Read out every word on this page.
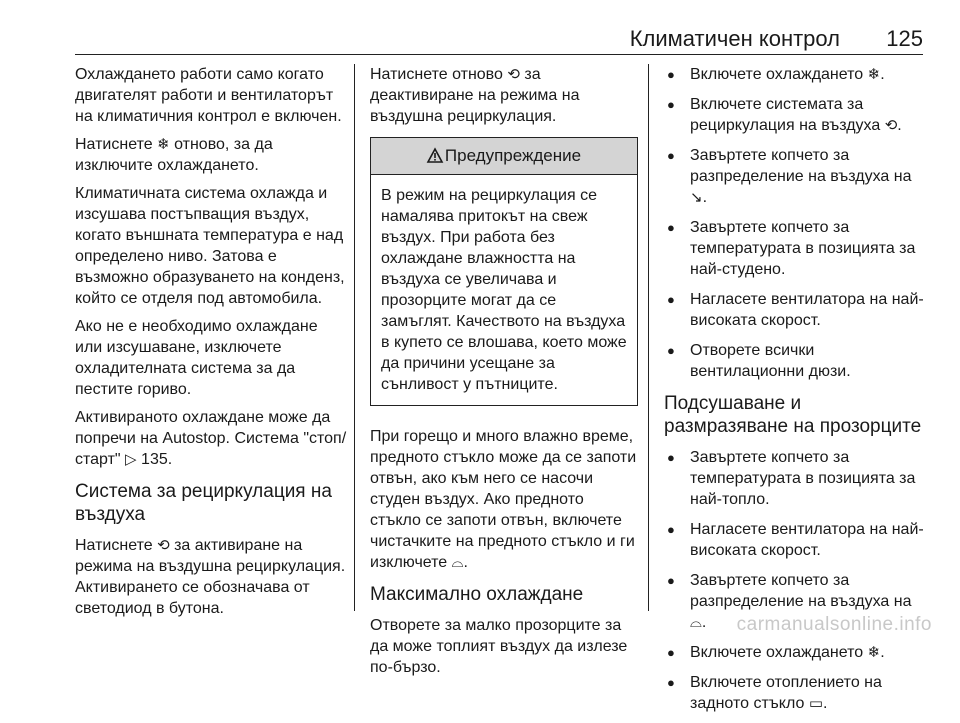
Климатичен контрол 125

Охлаждането работи само когато двигателят работи и вентилаторът на климатичния контрол е включен.

Натиснете ❄ отново, за да изключите охлаждането.

Климатичната система охлажда и изсушава постъпващия въздух, когато външната температура е над определено ниво. Затова е възможно образуването на конденз, който се отделя под автомобила.

Ако не е необходимо охлаждане или изсушаване, изключете охладителната система за да пестите гориво.

Активираното охлаждане може да попречи на Autostop. Система "стоп/старт" ▷ 135.

Система за рециркулация на въздуха

Натиснете ⟲ за активиране на режима на въздушна рециркулация. Активирането се обозначава от светодиод в бутона.

Натиснете отново ⟲ за деактивиране на режима на въздушна рециркулация.

Предупреждение
В режим на рециркулация се намалява притокът на свеж въздух. При работа без охлаждане влажността на въздуха се увеличава и прозорците могат да се замъглят. Качеството на въздуха в купето се влошава, което може да причини усещане за сънливост у пътниците.

При горещо и много влажно време, предното стъкло може да се запоти отвън, ако към него се насочи студен въздух. Ако предното стъкло се запоти отвън, включете чистачките на предното стъкло и ги изключете ⌓.

Максимално охлаждане

Отворете за малко прозорците за да може топлият въздух да излезе по-бързо.

● Включете охлаждането ❄.
● Включете системата за рециркулация на въздуха ⟲.
● Завъртете копчето за разпределение на въздуха на ↘.
● Завъртете копчето за температурата в позицията за най-студено.
● Нагласете вентилатора на най-високата скорост.
● Отворете всички вентилационни дюзи.
Подсушаване и размразяване на прозорците
● Завъртете копчето за температурата в позицията за най-топло.
● Нагласете вентилатора на най-високата скорост.
● Завъртете копчето за разпределение на въздуха на ⌓.
● Включете охлаждането ❄.
● Включете отоплението на задното стъкло ▭.
carmanualsonline.info
